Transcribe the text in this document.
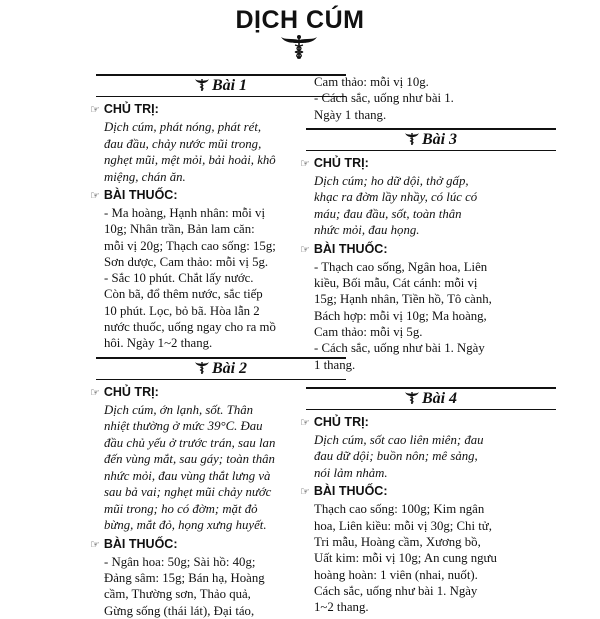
DỊCH CÚM
Bài 1
☞ CHỦ TRỊ:
Dịch cúm, phát nóng, phát rét,
đau đầu, chảy nước mũi trong,
nghẹt mũi, mệt mỏi, bải hoải, khô
miệng, chán ăn.
☞ BÀI THUỐC:
- Ma hoàng, Hạnh nhân: mỗi vị
10g; Nhân trần, Bản lam căn:
mỗi vị 20g; Thạch cao sống: 15g;
Sơn dược, Cam thảo: mỗi vị 5g.
- Sắc 10 phút. Chắt lấy nước.
Còn bã, đổ thêm nước, sắc tiếp
10 phút. Lọc, bỏ bã. Hòa lẫn 2
nước thuốc, uống ngay cho ra mồ
hôi. Ngày 1~2 thang.
Bài 2
☞ CHỦ TRỊ:
Dịch cúm, ớn lạnh, sốt. Thân
nhiệt thường ở mức 39°C. Đau
đầu chủ yếu ở trước trán, sau lan
đến vùng mắt, sau gáy; toàn thân
nhức mỏi, đau vùng thắt lưng và
sau bả vai; nghẹt mũi chảy nước
mũi trong; ho có đờm; mặt đỏ
bừng, mắt đỏ, họng xưng huyết.
☞ BÀI THUỐC:
- Ngân hoa: 50g; Sài hồ: 40g;
Đảng sâm: 15g; Bán hạ, Hoàng
cầm, Thường sơn, Thảo quả,
Gừng sống (thái lát), Đại táo,
Cam thảo: mỗi vị 10g.
- Cách sắc, uống như bài 1.
Ngày 1 thang.
Bài 3
☞ CHỦ TRỊ:
Dịch cúm; ho dữ dội, thở gấp,
khạc ra đờm lầy nhầy, có lúc có
máu; đau đầu, sốt, toàn thân
nhức mỏi, đau họng.
☞ BÀI THUỐC:
- Thạch cao sống, Ngân hoa, Liên
kiều, Bối mẫu, Cát cánh: mỗi vị
15g; Hạnh nhân, Tiền hồ, Tô cành,
Bách hợp: mỗi vị 10g; Ma hoàng,
Cam thảo: mỗi vị 5g.
- Cách sắc, uống như bài 1. Ngày
1 thang.
Bài 4
☞ CHỦ TRỊ:
Dịch cúm, sốt cao liên miên; đau
đau dữ dội; buồn nôn; mê sảng,
nói lảm nhảm.
☞ BÀI THUỐC:
Thạch cao sống: 100g; Kim ngân
hoa, Liên kiều: mỗi vị 30g; Chi tử,
Tri mẫu, Hoàng cầm, Xương bồ,
Uất kim: mỗi vị 10g; An cung ngưu
hoàng hoàn: 1 viên (nhai, nuốt).
Cách sắc, uống như bài 1. Ngày
1~2 thang.
